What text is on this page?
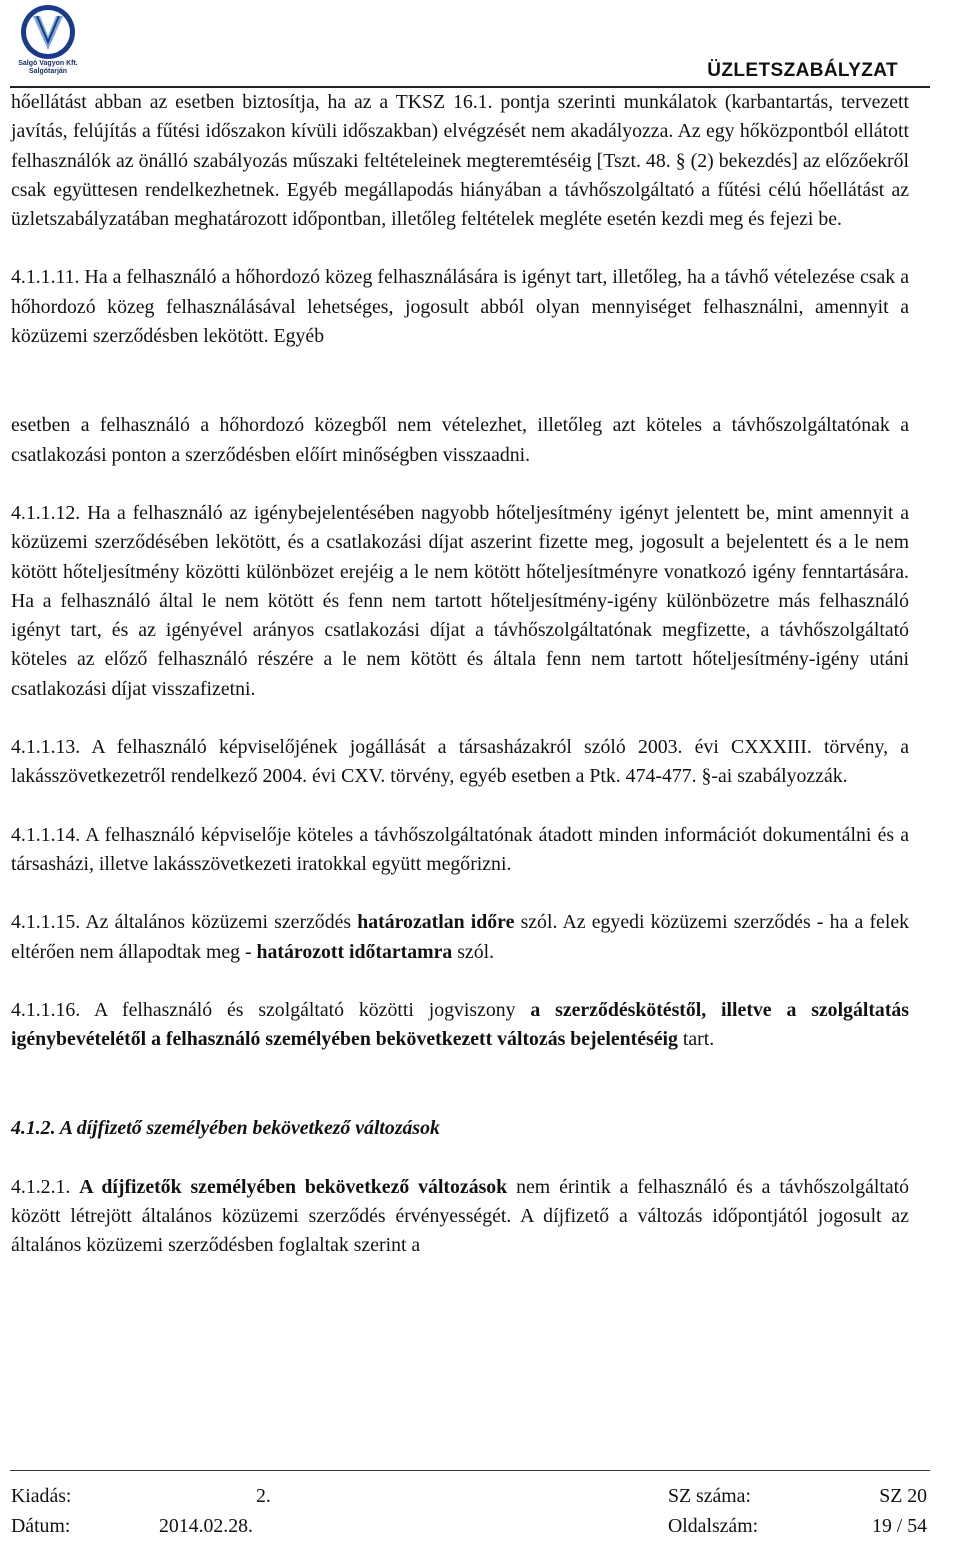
Salgó Vagyon Kft.
Salgótarján	ÜZLETSZABÁLYZAT

hőellátást abban az esetben biztosítja, ha az a TKSZ 16.1. pontja szerinti munkálatok (karbantartás, tervezett javítás, felújítás a fűtési időszakon kívüli időszakban) elvégzését nem akadályozza. Az egy hőközpontból ellátott felhasználók az önálló szabályozás műszaki feltételeinek megteremtéséig [Tszt. 48. § (2) bekezdés] az előzőekről csak együttesen rendelkezhetnek. Egyéb megállapodás hiányában a távhőszolgáltató a fűtési célú hőellátást az üzletszabályzatában meghatározott időpontban, illetőleg feltételek megléte esetén kezdi meg és fejezi be.

4.1.1.11. Ha a felhasználó a hőhordozó közeg felhasználására is igényt tart, illetőleg, ha a távhő vételezése csak a hőhordozó közeg felhasználásával lehetséges, jogosult abból olyan mennyiséget felhasználni, amennyit a közüzemi szerződésben lekötött. Egyéb

esetben a felhasználó a hőhordozó közegből nem vételezhet, illetőleg azt köteles a távhőszolgáltatónak a csatlakozási ponton a szerződésben előírt minőségben visszaadni.

4.1.1.12. Ha a felhasználó az igénybejelentésében nagyobb hőteljesítmény igényt jelentett be, mint amennyit a közüzemi szerződésében lekötött, és a csatlakozási díjat aszerint fizette meg, jogosult a bejelentett és a le nem kötött hőteljesítmény közötti különbözet erejéig a le nem kötött hőteljesítményre vonatkozó igény fenntartására. Ha a felhasználó által le nem kötött és fenn nem tartott hőteljesítmény-igény különbözetre más felhasználó igényt tart, és az igényével arányos csatlakozási díjat a távhőszolgáltatónak megfizette, a távhőszolgáltató köteles az előző felhasználó részére a le nem kötött és általa fenn nem tartott hőteljesítmény-igény utáni csatlakozási díjat visszafizetni.

4.1.1.13. A felhasználó képviselőjének jogállását a társasházakról szóló 2003. évi CXXXIII. törvény, a lakásszövetkezetről rendelkező 2004. évi CXV. törvény, egyéb esetben a Ptk. 474-477. §-ai szabályozzák.

4.1.1.14. A felhasználó képviselője köteles a távhőszolgáltatónak átadott minden információt dokumentálni és a társasházi, illetve lakásszövetkezeti iratokkal együtt megőrizni.

4.1.1.15. Az általános közüzemi szerződés határozatlan időre szól. Az egyedi közüzemi szerződés - ha a felek eltérően nem állapodtak meg - határozott időtartamra szól.

4.1.1.16. A felhasználó és szolgáltató közötti jogviszony a szerződéskötéstől, illetve a szolgáltatás igénybevételétől a felhasználó személyében bekövetkezett változás bejelentéséig tart.

4.1.2. A díjfizető személyében bekövetkező változások

4.1.2.1. A díjfizetők személyében bekövetkező változások nem érintik a felhasználó és a távhőszolgáltató között létrejött általános közüzemi szerződés érvényességét. A díjfizető a változás időpontjától jogosult az általános közüzemi szerződésben foglaltak szerint a

Kiadás:	2.	SZ száma:	SZ 20
Dátum:	2014.02.28.	Oldalszám:	19 / 54
